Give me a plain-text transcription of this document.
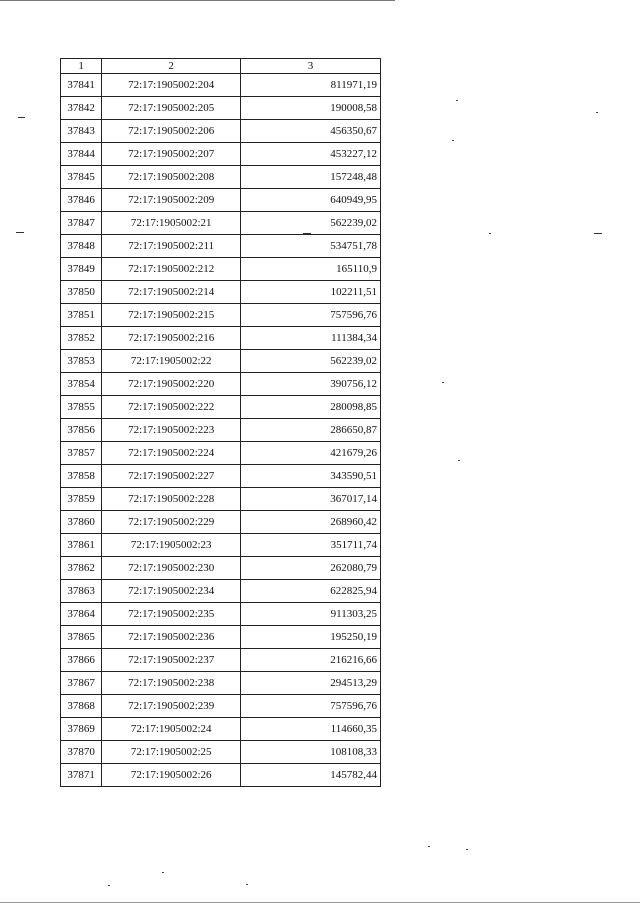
1	2	3
37841	72:17:1905002:204	811971,19
37842	72:17:1905002:205	190008,58
37843	72:17:1905002:206	456350,67
37844	72:17:1905002:207	453227,12
37845	72:17:1905002:208	157248,48
37846	72:17:1905002:209	640949,95
37847	72:17:1905002:21	562239,02
37848	72:17:1905002:211	534751,78
37849	72:17:1905002:212	165110,9
37850	72:17:1905002:214	102211,51
37851	72:17:1905002:215	757596,76
37852	72:17:1905002:216	111384,34
37853	72:17:1905002:22	562239,02
37854	72:17:1905002:220	390756,12
37855	72:17:1905002:222	280098,85
37856	72:17:1905002:223	286650,87
37857	72:17:1905002:224	421679,26
37858	72:17:1905002:227	343590,51
37859	72:17:1905002:228	367017,14
37860	72:17:1905002:229	268960,42
37861	72:17:1905002:23	351711,74
37862	72:17:1905002:230	262080,79
37863	72:17:1905002:234	622825,94
37864	72:17:1905002:235	911303,25
37865	72:17:1905002:236	195250,19
37866	72:17:1905002:237	216216,66
37867	72:17:1905002:238	294513,29
37868	72:17:1905002:239	757596,76
37869	72:17:1905002:24	114660,35
37870	72:17:1905002:25	108108,33
37871	72:17:1905002:26	145782,44
